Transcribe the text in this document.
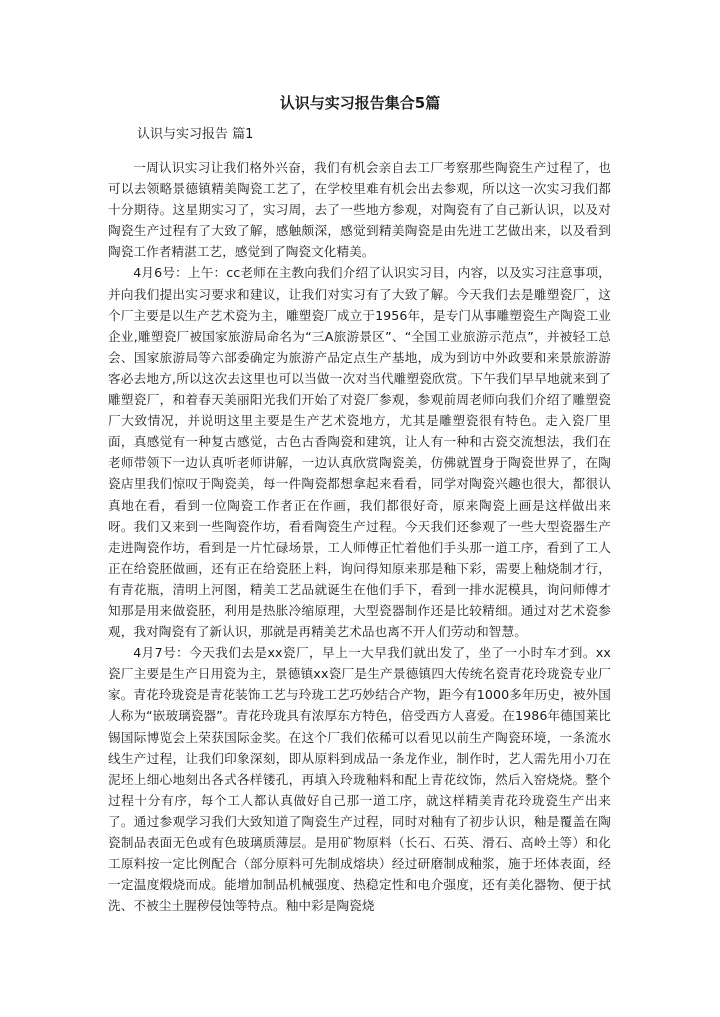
认识与实习报告集合5篇
认识与实习报告 篇1

一周认识实习让我们格外兴奋，我们有机会亲自去工厂考察那些陶瓷生产过程了，也可以去领略景德镇精美陶瓷工艺了，在学校里难有机会出去参观，所以这一次实习我们都十分期待。这星期实习了，实习周，去了一些地方参观，对陶瓷有了自己新认识，以及对陶瓷生产过程有了大致了解，感触颇深，感觉到精美陶瓷是由先进工艺做出来，以及看到陶瓷工作者精湛工艺，感觉到了陶瓷文化精美。

4月6号：上午：cc老师在主教向我们介绍了认识实习目，内容，以及实习注意事项，并向我们提出实习要求和建议，让我们对实习有了大致了解。今天我们去是雕塑瓷厂，这个厂主要是以生产艺术瓷为主，雕塑瓷厂成立于1956年，是专门从事雕塑瓷生产陶瓷工业企业,雕塑瓷厂被国家旅游局命名为“三A旅游景区”、“全国工业旅游示范点”，并被轻工总会、国家旅游局等六部委确定为旅游产品定点生产基地，成为到访中外政要和来景旅游游客必去地方,所以这次去这里也可以当做一次对当代雕塑瓷欣赏。下午我们早早地就来到了雕塑瓷厂，和着春天美丽阳光我们开始了对瓷厂参观，参观前周老师向我们介绍了雕塑瓷厂大致情况，并说明这里主要是生产艺术瓷地方，尤其是雕塑瓷很有特色。走入瓷厂里面，真感觉有一种复古感觉，古色古香陶瓷和建筑，让人有一种和古瓷交流想法，我们在老师带领下一边认真听老师讲解，一边认真欣赏陶瓷美，仿佛就置身于陶瓷世界了，在陶瓷店里我们惊叹于陶瓷美，每一件陶瓷都想拿起来看看，同学对陶瓷兴趣也很大，都很认真地在看，看到一位陶瓷工作者正在作画，我们都很好奇，原来陶瓷上画是这样做出来呀。我们又来到一些陶瓷作坊，看看陶瓷生产过程。今天我们还参观了一些大型瓷器生产走进陶瓷作坊，看到是一片忙碌场景，工人师傅正忙着他们手头那一道工序，看到了工人正在给瓷胚做画，还有正在给瓷胚上料，询问得知原来那是釉下彩，需要上釉烧制才行，有青花瓶，清明上河图，精美工艺品就诞生在他们手下，看到一排水泥模具，询问师傅才知那是用来做瓷胚，利用是热胀冷缩原理，大型瓷器制作还是比较精细。通过对艺术瓷参观，我对陶瓷有了新认识，那就是再精美艺术品也离不开人们劳动和智慧。

4月7号：今天我们去是xx瓷厂，早上一大早我们就出发了，坐了一小时车才到。xx瓷厂主要是生产日用瓷为主，景德镇xx瓷厂是生产景德镇四大传统名瓷青花玲珑瓷专业厂家。青花玲珑瓷是青花装饰工艺与玲珑工艺巧妙结合产物，距今有1000多年历史，被外国人称为“嵌玻璃瓷器”。青花玲珑具有浓厚东方特色，倍受西方人喜爱。在1986年德国莱比锡国际博览会上荣获国际金奖。在这个厂我们依稀可以看见以前生产陶瓷环境，一条流水线生产过程，让我们印象深刻，即从原料到成品一条龙作业，制作时，艺人需先用小刀在泥坯上细心地刻出各式各样镂孔，再填入玲珑釉料和配上青花纹饰，然后入窑烧烧。整个过程十分有序，每个工人都认真做好自己那一道工序，就这样精美青花玲珑瓷生产出来了。通过参观学习我们大致知道了陶瓷生产过程，同时对釉有了初步认识，釉是覆盖在陶瓷制品表面无色或有色玻璃质薄层。是用矿物原料（长石、石英、滑石、高岭土等）和化工原料按一定比例配合（部分原料可先制成熔块）经过研磨制成釉浆，施于坯体表面，经一定温度煅烧而成。能增加制品机械强度、热稳定性和电介强度，还有美化器物、便于拭洗、不被尘土腥秽侵蚀等特点。釉中彩是陶瓷烧
